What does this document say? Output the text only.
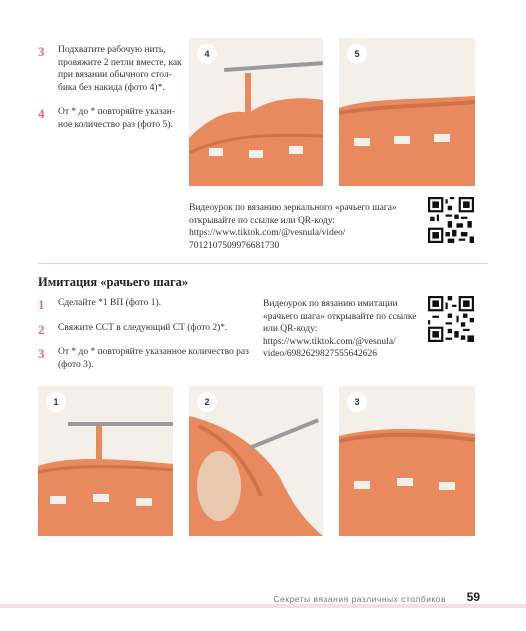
3 Подхватите рабочую нить,
провяжите 2 петли вместе, как
при вязании обычного стол-
бика без накида (фото 4)*.
4 От * до * повторяйте указан-
ное количество раз (фото 5).
4	5
Видеоурок по вязанию зеркального «рачьего шага»
открывайте по ссылке или QR-коду:
https://www.tiktok.com/@vesnula/video/
7012107509976681730
Имитация «рачьего шага»
1 Сделайте *1 ВП (фото 1).
2 Свяжите ССТ в следующий СТ (фото 2)*.
3 От * до * повторяйте указанное количество раз
(фото 3).
Видеоурок по вязанию имитации
«рачьего шага» открывайте по ссылке
или QR-коду:
https://www.tiktok.com/@vesnula/
video/6982629827555642626
1	2	3
Секреты вязания различных столбиков 59
